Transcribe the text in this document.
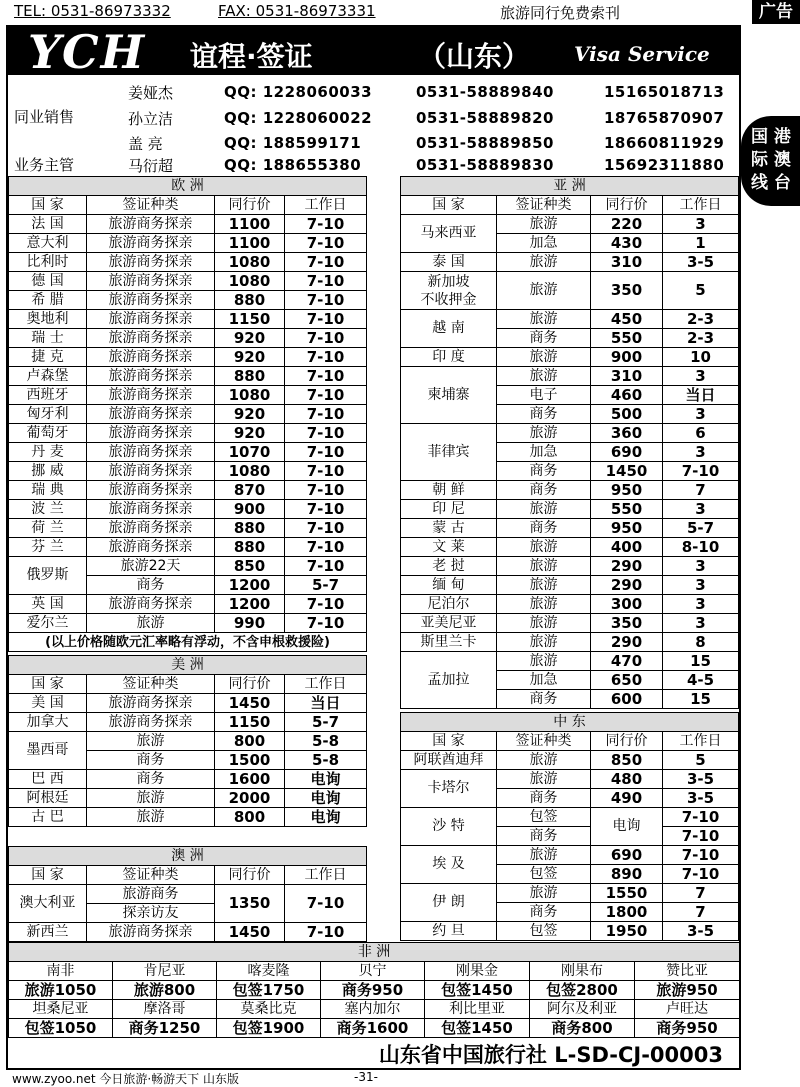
TEL: 0531-86973332	FAX: 0531-86973331	旅游同行免费索刊	广告
YCH 谊程·签证	（山东） Visa Service
同业销售
业务主管
姜娅杰	QQ: 1228060033	0531-58889840	15165018713
孙立洁	QQ: 1228060022	0531-58889820	18765870907
盖 亮	QQ: 188599171	0531-58889850	18660811929
马衍超	QQ: 188655380	0531-58889830	15692311880
国 港
际 澳
线 台
欧 洲			
国 家	签证种类	同行价	工作日
法 国	旅游商务探亲	1100	7-10
意大利	旅游商务探亲	1100	7-10
比利时	旅游商务探亲	1080	7-10
德 国	旅游商务探亲	1080	7-10
希 腊	旅游商务探亲	880	7-10
奥地利	旅游商务探亲	1150	7-10
瑞 士	旅游商务探亲	920	7-10
捷 克	旅游商务探亲	920	7-10
卢森堡	旅游商务探亲	880	7-10
西班牙	旅游商务探亲	1080	7-10
匈牙利	旅游商务探亲	920	7-10
葡萄牙	旅游商务探亲	920	7-10
丹 麦	旅游商务探亲	1070	7-10
挪 威	旅游商务探亲	1080	7-10
瑞 典	旅游商务探亲	870	7-10
波 兰	旅游商务探亲	900	7-10
荷 兰	旅游商务探亲	880	7-10
芬 兰	旅游商务探亲	880	7-10
俄罗斯	旅游22天	850	7-10
	商务	1200	5-7
英 国	旅游商务探亲	1200	7-10
爱尔兰	旅游	990	7-10
(以上价格随欧元汇率略有浮动，不含申根救援险)			
美 洲			
国 家	签证种类	同行价	工作日
美 国	旅游商务探亲	1450	当日
加拿大	旅游商务探亲	1150	5-7
墨西哥	旅游	800	5-8
	商务	1500	5-8
巴 西	商务	1600	电询
阿根廷	旅游	2000	电询
古 巴	旅游	800	电询
澳 洲			
国 家	签证种类	同行价	工作日
澳大利亚	旅游商务	1350	7-10
	探亲访友		
新西兰	旅游商务探亲	1450	7-10
亚 洲			
国 家	签证种类	同行价	工作日
马来西亚	旅游	220	3
	加急	430	1
泰 国	旅游	310	3-5
新加坡
不收押金	旅游	350	5
越 南	旅游	450	2-3
	商务	550	2-3
印 度	旅游	900	10
柬埔寨	旅游	310	3
	电子	460	当日
	商务	500	3
菲律宾	旅游	360	6
	加急	690	3
	商务	1450	7-10
朝 鲜	商务	950	7
印 尼	旅游	550	3
蒙 古	商务	950	5-7
文 莱	旅游	400	8-10
老 挝	旅游	290	3
缅 甸	旅游	290	3
尼泊尔	旅游	300	3
亚美尼亚	旅游	350	3
斯里兰卡	旅游	290	8
孟加拉	旅游	470	15
	加急	650	4-5
	商务	600	15
中 东			
国 家	签证种类	同行价	工作日
阿联酋迪拜	旅游	850	5
卡塔尔	旅游	480	3-5
	商务	490	3-5
沙 特	包签	电询	7-10
	商务		7-10
埃 及	旅游	690	7-10
	包签	890	7-10
伊 朗	旅游	1550	7
	商务	1800	7
约 旦	包签	1950	3-5
非 洲						
南非	肯尼亚	喀麦隆	贝宁	刚果金	刚果布	赞比亚
旅游1050	旅游800	包签1750	商务950	包签1450	包签2800	旅游950
坦桑尼亚	摩洛哥	莫桑比克	塞内加尔	利比里亚	阿尔及利亚	卢旺达
包签1050	商务1250	包签1900	商务1600	包签1450	商务800	商务950
山东省中国旅行社 L-SD-CJ-00003
www.zyoo.net 今日旅游·畅游天下 山东版	-31-
